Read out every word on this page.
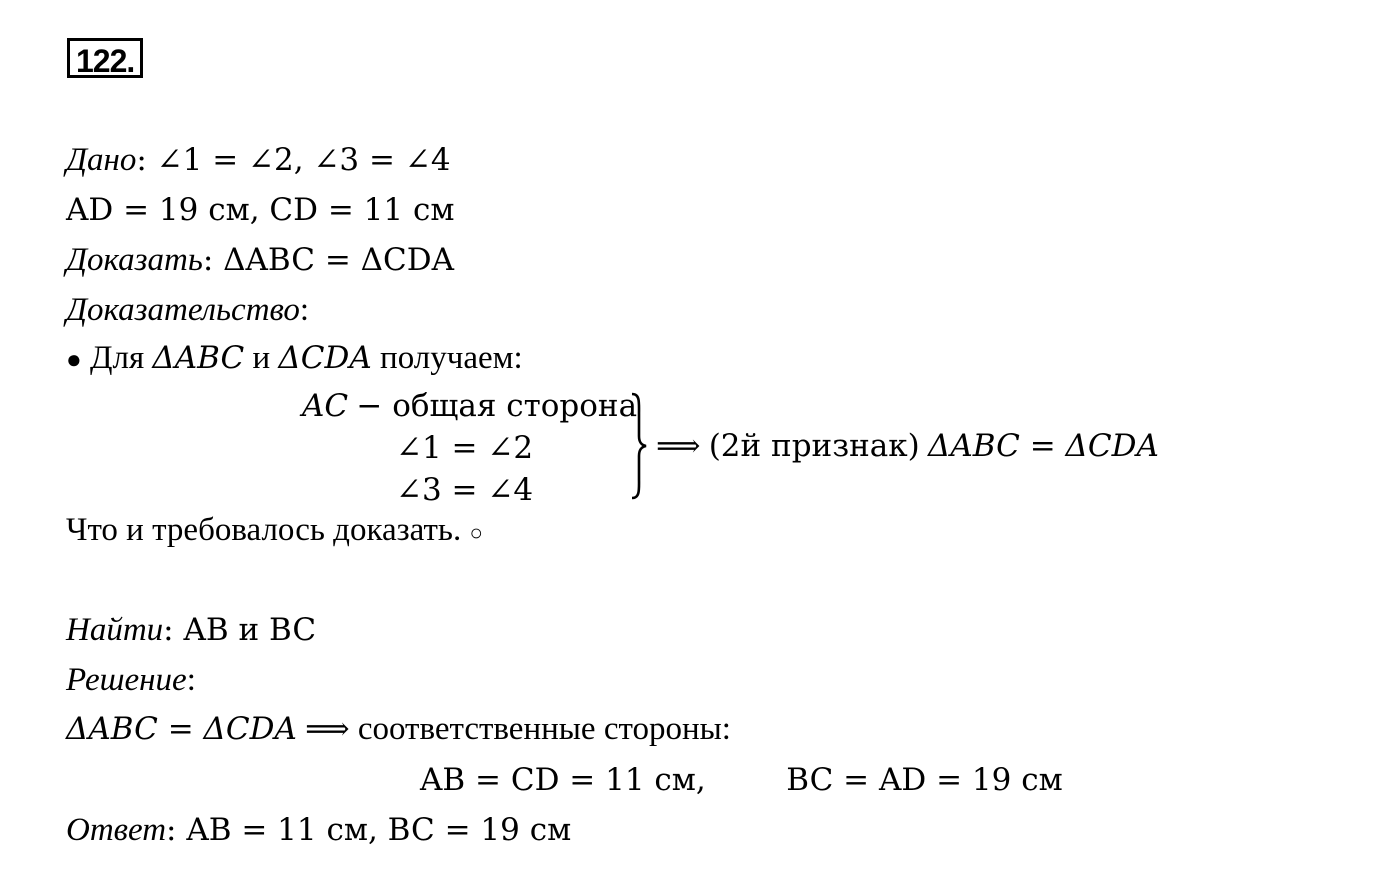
122.
Дано: ∠1 = ∠2, ∠3 = ∠4
AD = 19 см, CD = 11 см
Доказать: ΔABC = ΔCDA
Доказательство:
● Для ΔABC и ΔCDA получаем:
AC − общая сторона
∠1 = ∠2
∠3 = ∠4
⟹ (2й признак) ΔABC = ΔCDA
Что и требовалось доказать. ○
Найти: AB и BC
Решение:
ΔABC = ΔCDA ⟹ соответственные стороны:
AB = CD = 11 см,	BC = AD = 19 см
Ответ: AB = 11 см, BC = 19 см
